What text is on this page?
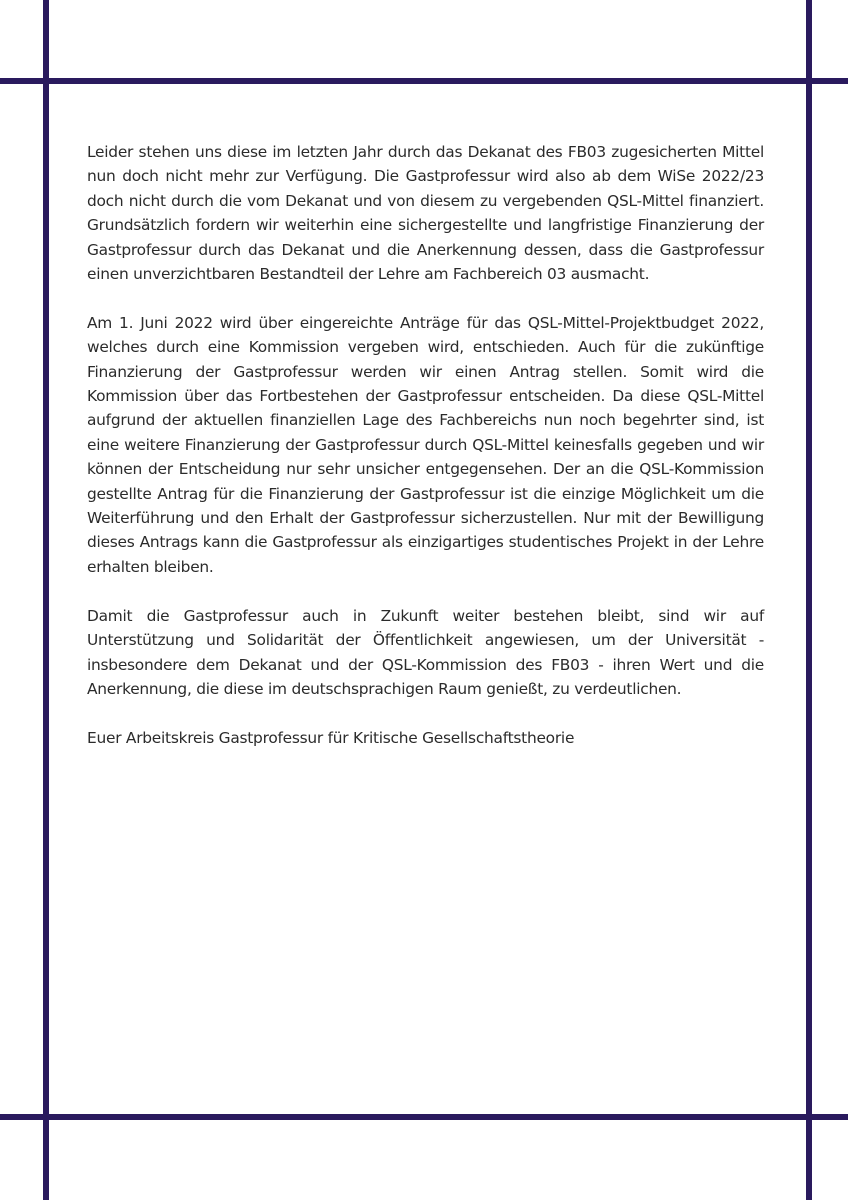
Leider stehen uns diese im letzten Jahr durch das Dekanat des FB03 zugesicherten Mittel nun doch nicht mehr zur Verfügung. Die Gastprofessur wird also ab dem WiSe 2022/23 doch nicht durch die vom Dekanat und von diesem zu vergebenden QSL-Mittel finanziert. Grundsätzlich fordern wir weiterhin eine sichergestellte und langfristige Finanzierung der Gastprofessur durch das Dekanat und die Anerkennung dessen, dass die Gastprofessur einen unverzichtbaren Bestandteil der Lehre am Fachbereich 03 ausmacht.

Am 1. Juni 2022 wird über eingereichte Anträge für das QSL-Mittel-Projektbudget 2022, welches durch eine Kommission vergeben wird, entschieden. Auch für die zukünftige Finanzierung der Gastprofessur werden wir einen Antrag stellen. Somit wird die Kommission über das Fortbestehen der Gastprofessur entscheiden. Da diese QSL-Mittel aufgrund der aktuellen finanziellen Lage des Fachbereichs nun noch begehrter sind, ist eine weitere Finanzierung der Gastprofessur durch QSL-Mittel keinesfalls gegeben und wir können der Entscheidung nur sehr unsicher entgegensehen. Der an die QSL-Kommission gestellte Antrag für die Finanzierung der Gastprofessur ist die einzige Möglichkeit um die Weiterführung und den Erhalt der Gastprofessur sicherzustellen. Nur mit der Bewilligung dieses Antrags kann die Gastprofessur als einzigartiges studentisches Projekt in der Lehre erhalten bleiben.

Damit die Gastprofessur auch in Zukunft weiter bestehen bleibt, sind wir auf Unterstützung und Solidarität der Öffentlichkeit angewiesen, um der Universität - insbesondere dem Dekanat und der QSL-Kommission des FB03 - ihren Wert und die Anerkennung, die diese im deutschsprachigen Raum genießt, zu verdeutlichen.

Euer Arbeitskreis Gastprofessur für Kritische Gesellschaftstheorie
